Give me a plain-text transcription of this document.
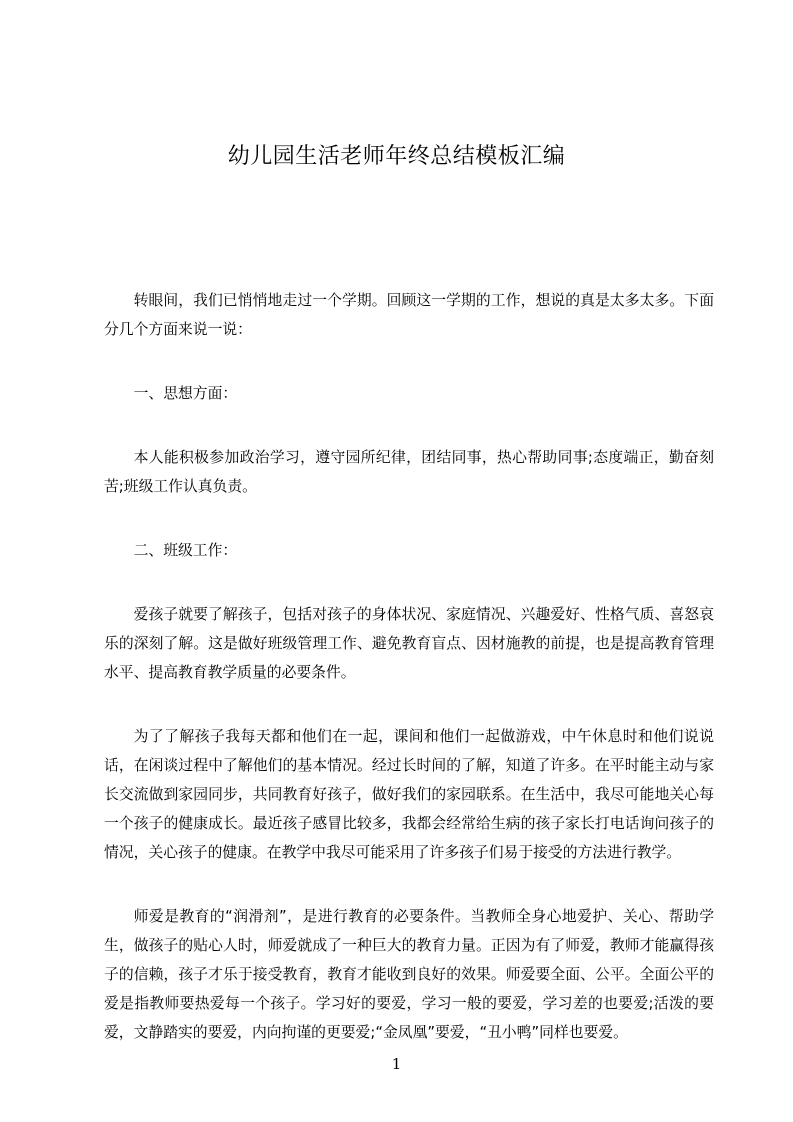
幼儿园生活老师年终总结模板汇编

转眼间，我们已悄悄地走过一个学期。回顾这一学期的工作，想说的真是太多太多。下面分几个方面来说一说：

一、思想方面：

本人能积极参加政治学习，遵守园所纪律，团结同事，热心帮助同事;态度端正，勤奋刻苦;班级工作认真负责。

二、班级工作：

爱孩子就要了解孩子，包括对孩子的身体状况、家庭情况、兴趣爱好、性格气质、喜怒哀乐的深刻了解。这是做好班级管理工作、避免教育盲点、因材施教的前提，也是提高教育管理水平、提高教育教学质量的必要条件。

为了了解孩子我每天都和他们在一起，课间和他们一起做游戏，中午休息时和他们说说话，在闲谈过程中了解他们的基本情况。经过长时间的了解，知道了许多。在平时能主动与家长交流做到家园同步，共同教育好孩子，做好我们的家园联系。在生活中，我尽可能地关心每一个孩子的健康成长。最近孩子感冒比较多，我都会经常给生病的孩子家长打电话询问孩子的情况，关心孩子的健康。在教学中我尽可能采用了许多孩子们易于接受的方法进行教学。

师爱是教育的“润滑剂”，是进行教育的必要条件。当教师全身心地爱护、关心、帮助学生，做孩子的贴心人时，师爱就成了一种巨大的教育力量。正因为有了师爱，教师才能赢得孩子的信赖，孩子才乐于接受教育，教育才能收到良好的效果。师爱要全面、公平。全面公平的爱是指教师要热爱每一个孩子。学习好的要爱，学习一般的要爱，学习差的也要爱;活泼的要爱，文静踏实的要爱，内向拘谨的更要爱;“金凤凰”要爱，“丑小鸭”同样也要爱。

1
